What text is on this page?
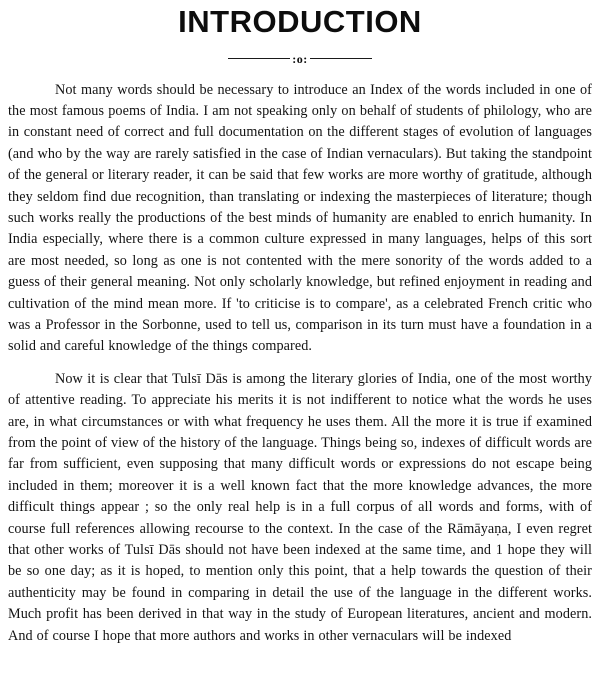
INTRODUCTION
:o:

Not many words should be necessary to introduce an Index of the words included in one of the most famous poems of India. I am not speaking only on behalf of students of philology, who are in constant need of correct and full documentation on the different stages of evolution of languages (and who by the way are rarely satisfied in the case of Indian vernaculars). But taking the standpoint of the general or literary reader, it can be said that few works are more worthy of gratitude, although they seldom find due recognition, than translating or indexing the masterpieces of literature; though such works really the productions of the best minds of humanity are enabled to enrich humanity. In India especially, where there is a common culture expressed in many languages, helps of this sort are most needed, so long as one is not contented with the mere sonority of the words added to a guess of their general meaning. Not only scholarly knowledge, but refined enjoyment in reading and cultivation of the mind mean more. If 'to criticise is to compare', as a celebrated French critic who was a Professor in the Sorbonne, used to tell us, comparison in its turn must have a foundation in a solid and careful knowledge of the things compared.

Now it is clear that Tulsī Dās is among the literary glories of India, one of the most worthy of attentive reading. To appreciate his merits it is not indifferent to notice what the words he uses are, in what circumstances or with what frequency he uses them. All the more it is true if examined from the point of view of the history of the language. Things being so, indexes of difficult words are far from sufficient, even supposing that many difficult words or expressions do not escape being included in them; moreover it is a well known fact that the more knowledge advances, the more difficult things appear ; so the only real help is in a full corpus of all words and forms, with of course full references allowing recourse to the context. In the case of the Rāmāyaṇa, I even regret that other works of Tulsī Dās should not have been indexed at the same time, and 1 hope they will be so one day; as it is hoped, to mention only this point, that a help towards the question of their authenticity may be found in comparing in detail the use of the language in the different works. Much profit has been derived in that way in the study of European literatures, ancient and modern. And of course I hope that more authors and works in other vernaculars will be indexed
